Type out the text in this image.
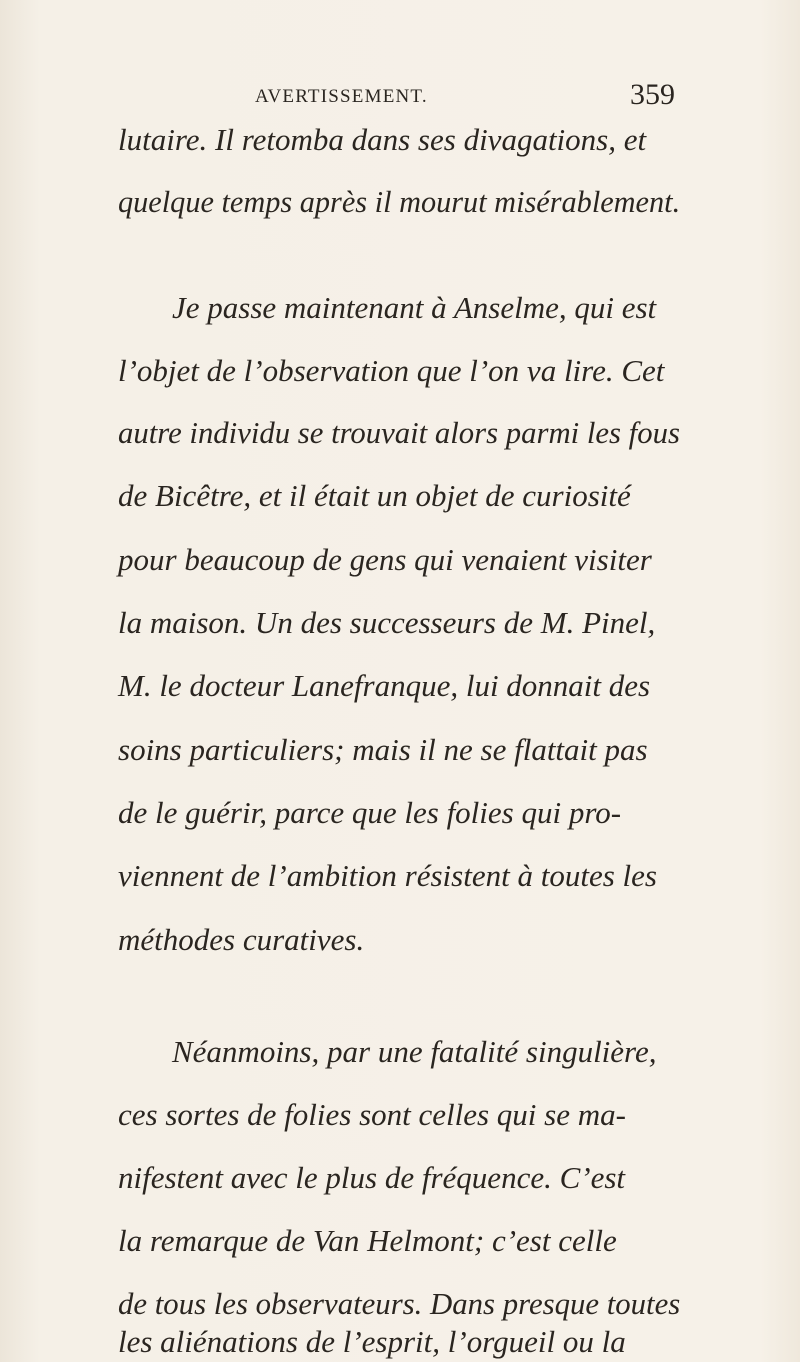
AVERTISSEMENT.	359
lutaire. Il retomba dans ses divagations, et
quelque temps après il mourut misérablement.
Je passe maintenant à Anselme, qui est
l’objet de l’observation que l’on va lire. Cet
autre individu se trouvait alors parmi les fous
de Bicêtre, et il était un objet de curiosité
pour beaucoup de gens qui venaient visiter
la maison. Un des successeurs de M. Pinel,
M. le docteur Lanefranque, lui donnait des
soins particuliers; mais il ne se flattait pas
de le guérir, parce que les folies qui pro-
viennent de l’ambition résistent à toutes les
méthodes curatives.
Néanmoins, par une fatalité singulière,
ces sortes de folies sont celles qui se ma-
nifestent avec le plus de fréquence. C’est
la remarque de Van Helmont; c’est celle
de tous les observateurs. Dans presque toutes
les aliénations de l’esprit, l’orgueil ou la
